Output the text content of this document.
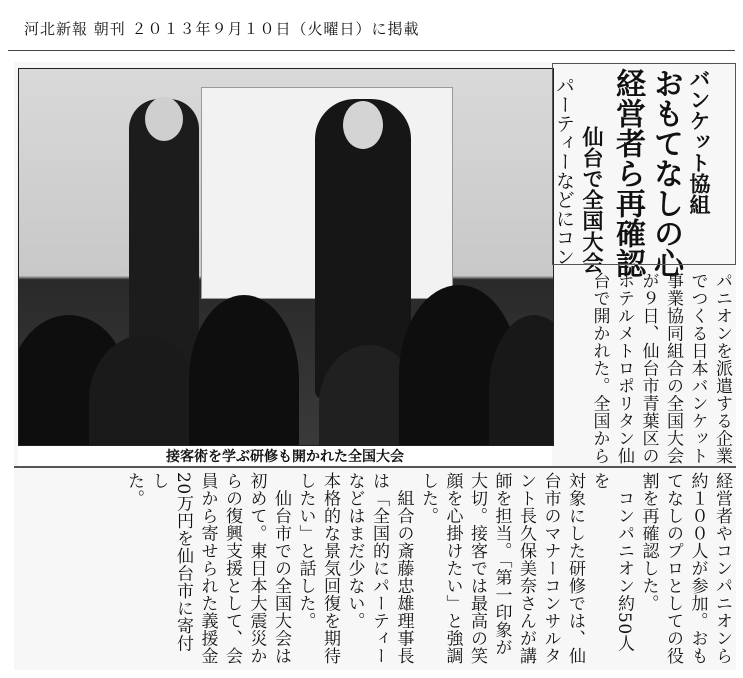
河北新報 朝刊 ２０１３年９月１０日（火曜日）に掲載
接客術を学ぶ研修も開かれた全国大会
バンケット協組
おもてなしの心
経営者ら再確認
仙台で全国大会
パーティーなどにコン
パニオンを派遣する企業
でつくる日本バンケット
事業協同組合の全国大会
が９日、仙台市青葉区の
ホテルメトロポリタン仙
台で開かれた。全国から
経営者やコンパニオンら
約１００人が参加。おも
てなしのプロとしての役
割を再確認した。
　コンパニオン約50人を
対象にした研修では、仙
台市のマナーコンサルタ
ント長久保美奈さんが講
師を担当。「第一印象が
大切。接客では最高の笑
顔を心掛けたい」と強調
した。
　組合の斎藤忠雄理事長
は「全国的にパーティー
などはまだ少ない。
本格的な景気回復を期待
したい」と話した。
　仙台市での全国大会は
初めて。東日本大震災か
らの復興支援として、会
員から寄せられた義援金
20万円を仙台市に寄付し
た。
